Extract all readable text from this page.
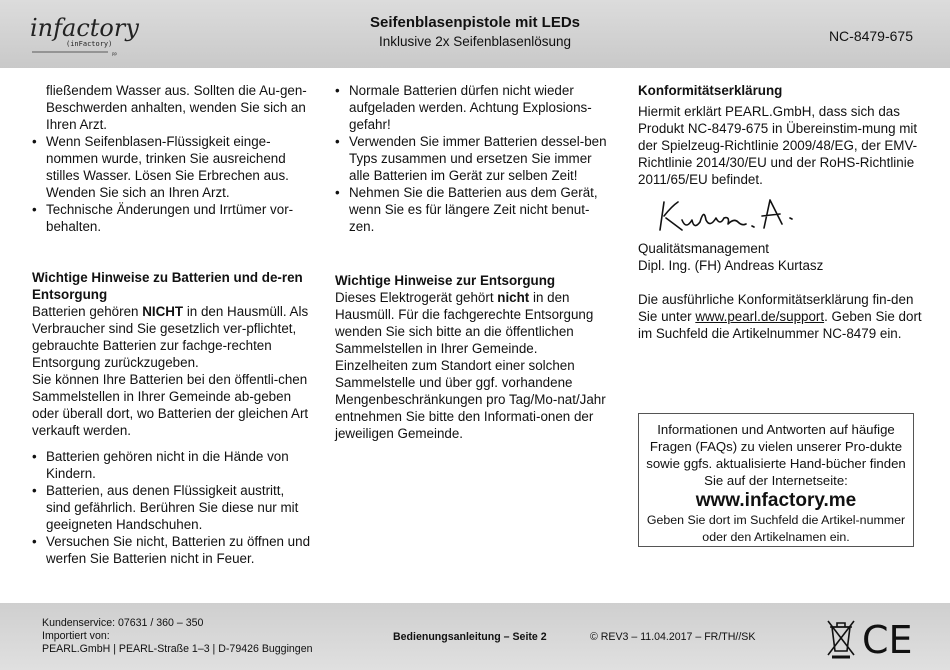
infactory
(inFactory)
PP
Seifenblasenpistole mit LEDs
Inklusive 2x Seifenblasenlösung	NC-8479-675

fließendem Wasser aus. Sollten die Au-gen-Beschwerden anhalten, wenden Sie sich an Ihren Arzt.

• Wenn Seifenblasen-Flüssigkeit einge-nommen wurde, trinken Sie ausreichend stilles Wasser. Lösen Sie Erbrechen aus. Wenden Sie sich an Ihren Arzt.
• Technische Änderungen und Irrtümer vor-behalten.
Wichtige Hinweise zu Batterien und de-ren Entsorgung

Batterien gehören NICHT in den Hausmüll. Als Verbraucher sind Sie gesetzlich ver-pflichtet, gebrauchte Batterien zur fachge-rechten Entsorgung zurückzugeben.

Sie können Ihre Batterien bei den öffentli-chen Sammelstellen in Ihrer Gemeinde ab-geben oder überall dort, wo Batterien der gleichen Art verkauft werden.

• Batterien gehören nicht in die Hände von Kindern.
• Batterien, aus denen Flüssigkeit austritt, sind gefährlich. Berühren Sie diese nur mit geeigneten Handschuhen.
• Versuchen Sie nicht, Batterien zu öffnen und werfen Sie Batterien nicht in Feuer.
• Normale Batterien dürfen nicht wieder aufgeladen werden. Achtung Explosions-gefahr!
• Verwenden Sie immer Batterien dessel-ben Typs zusammen und ersetzen Sie immer alle Batterien im Gerät zur selben Zeit!
• Nehmen Sie die Batterien aus dem Gerät, wenn Sie es für längere Zeit nicht benut-zen.
Wichtige Hinweise zur Entsorgung

Dieses Elektrogerät gehört nicht in den Hausmüll. Für die fachgerechte Entsorgung wenden Sie sich bitte an die öffentlichen Sammelstellen in Ihrer Gemeinde. Einzelheiten zum Standort einer solchen Sammelstelle und über ggf. vorhandene Mengenbeschränkungen pro Tag/Mo-nat/Jahr entnehmen Sie bitte den Informati-onen der jeweiligen Gemeinde.

Konformitätserklärung

Hiermit erklärt PEARL.GmbH, dass sich das Produkt NC-8479-675 in Übereinstim-mung mit der Spielzeug-Richtlinie 2009/48/EG, der EMV-Richtlinie 2014/30/EU und der RoHS-Richtlinie 2011/65/EU befindet.

Qualitätsmanagement

Dipl. Ing. (FH) Andreas Kurtasz

Die ausführliche Konformitätserklärung fin-den Sie unter www.pearl.de/support. Geben Sie dort im Suchfeld die Artikelnummer NC-8479 ein.

Informationen und Antworten auf häufige Fragen (FAQs) zu vielen unserer Pro-dukte sowie ggfs. aktualisierte Hand-bücher finden Sie auf der Internetseite:
www.infactory.me
Geben Sie dort im Suchfeld die Artikel-nummer oder den Artikelnamen ein.
Kundenservice: 07631 / 360 – 350
Importiert von:
PEARL.GmbH | PEARL-Straße 1–3 | D-79426 Buggingen
Bedienungsanleitung – Seite 2	© REV3 – 11.04.2017 – FR/TH//SK	CE
